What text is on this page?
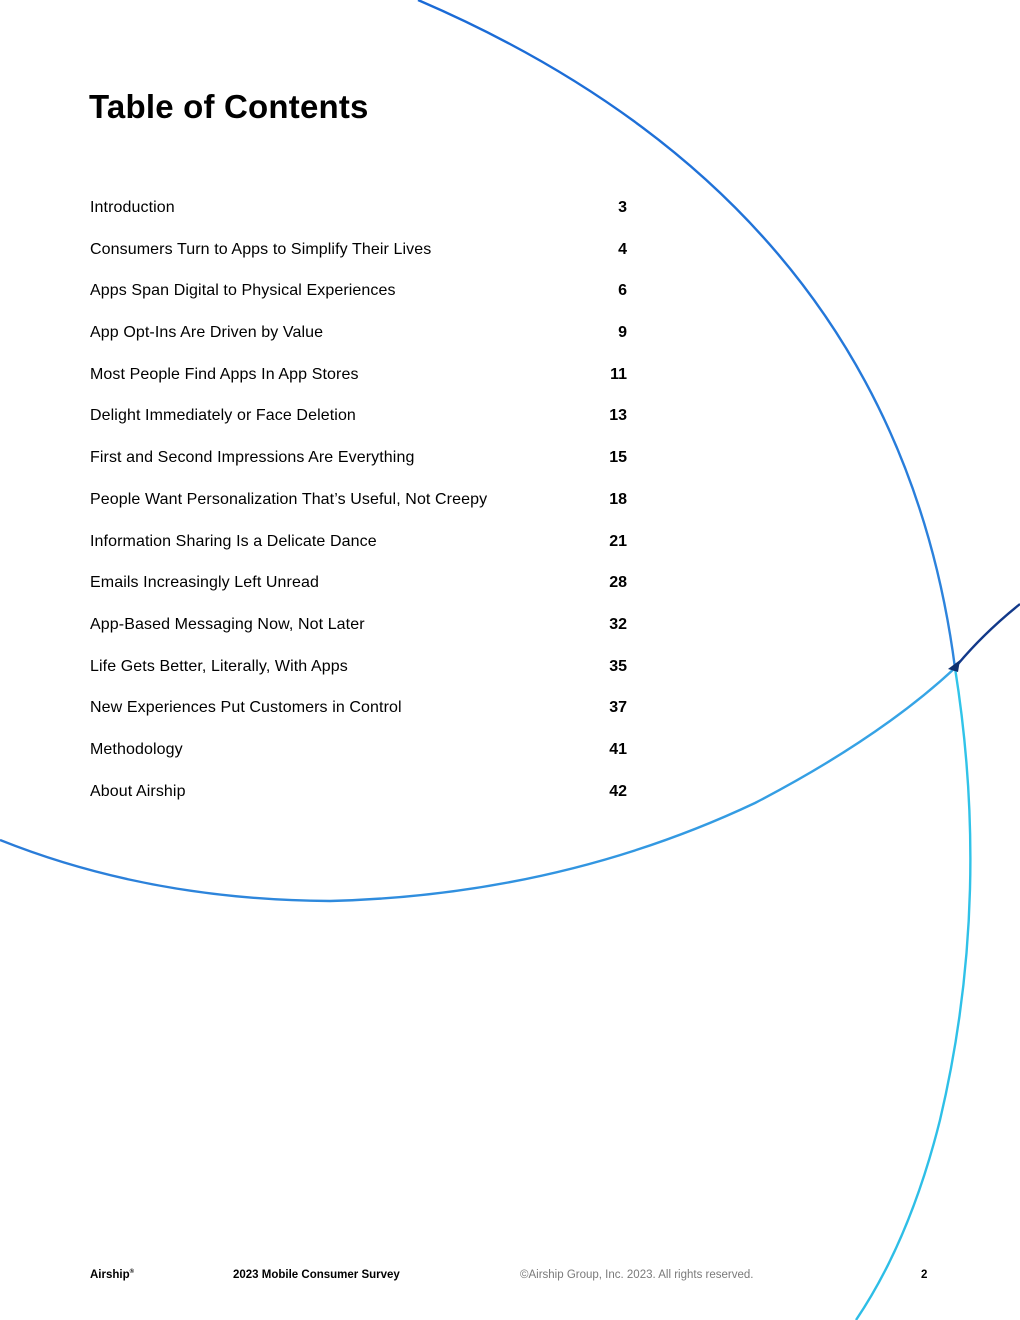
Table of Contents
Introduction	3
Consumers Turn to Apps to Simplify Their Lives	4
Apps Span Digital to Physical Experiences	6
App Opt-Ins Are Driven by Value	9
Most People Find Apps In App Stores	11
Delight Immediately or Face Deletion	13
First and Second Impressions Are Everything	15
People Want Personalization That’s Useful, Not Creepy	18
Information Sharing Is a Delicate Dance	21
Emails Increasingly Left Unread	28
App-Based Messaging Now, Not Later	32
Life Gets Better, Literally, With Apps	35
New Experiences Put Customers in Control	37
Methodology	41
About Airship	42
Airship®	2023 Mobile Consumer Survey	©Airship Group, Inc. 2023. All rights reserved.	2
